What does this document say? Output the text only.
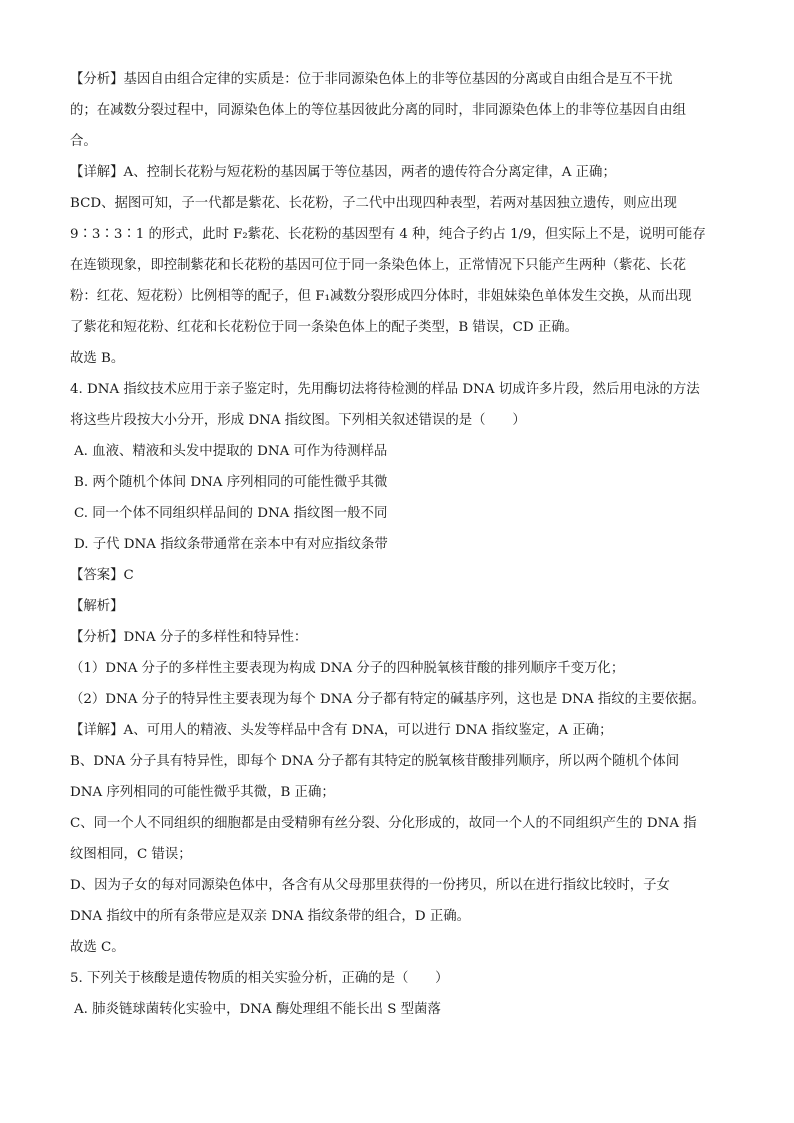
【分析】基因自由组合定律的实质是：位于非同源染色体上的非等位基因的分离或自由组合是互不干扰
的；在减数分裂过程中，同源染色体上的等位基因彼此分离的同时，非同源染色体上的非等位基因自由组
合。
【详解】A、控制长花粉与短花粉的基因属于等位基因，两者的遗传符合分离定律，A 正确；
BCD、据图可知，子一代都是紫花、长花粉，子二代中出现四种表型，若两对基因独立遗传，则应出现
9∶3∶3∶1 的形式，此时 F₂紫花、长花粉的基因型有 4 种，纯合子约占 1/9，但实际上不是，说明可能存
在连锁现象，即控制紫花和长花粉的基因可位于同一条染色体上，正常情况下只能产生两种（紫花、长花
粉：红花、短花粉）比例相等的配子，但 F₁减数分裂形成四分体时，非姐妹染色单体发生交换，从而出现
了紫花和短花粉、红花和长花粉位于同一条染色体上的配子类型，B 错误，CD 正确。
故选 B。
4. DNA 指纹技术应用于亲子鉴定时，先用酶切法将待检测的样品 DNA 切成许多片段，然后用电泳的方法
将这些片段按大小分开，形成 DNA 指纹图。下列相关叙述错误的是（　　）
A. 血液、精液和头发中提取的 DNA 可作为待测样品
B. 两个随机个体间 DNA 序列相同的可能性微乎其微
C. 同一个体不同组织样品间的 DNA 指纹图一般不同
D. 子代 DNA 指纹条带通常在亲本中有对应指纹条带
【答案】C
【解析】
【分析】DNA 分子的多样性和特异性：
（1）DNA 分子的多样性主要表现为构成 DNA 分子的四种脱氧核苷酸的排列顺序千变万化；
（2）DNA 分子的特异性主要表现为每个 DNA 分子都有特定的碱基序列，这也是 DNA 指纹的主要依据。
【详解】A、可用人的精液、头发等样品中含有 DNA，可以进行 DNA 指纹鉴定，A 正确；
B、DNA 分子具有特异性，即每个 DNA 分子都有其特定的脱氧核苷酸排列顺序，所以两个随机个体间
DNA 序列相同的可能性微乎其微，B 正确；
C、同一个人不同组织的细胞都是由受精卵有丝分裂、分化形成的，故同一个人的不同组织产生的 DNA 指
纹图相同，C 错误；
D、因为子女的每对同源染色体中，各含有从父母那里获得的一份拷贝，所以在进行指纹比较时，子女
DNA 指纹中的所有条带应是双亲 DNA 指纹条带的组合，D 正确。
故选 C。
5. 下列关于核酸是遗传物质的相关实验分析，正确的是（　　）
A. 肺炎链球菌转化实验中，DNA 酶处理组不能长出 S 型菌落
